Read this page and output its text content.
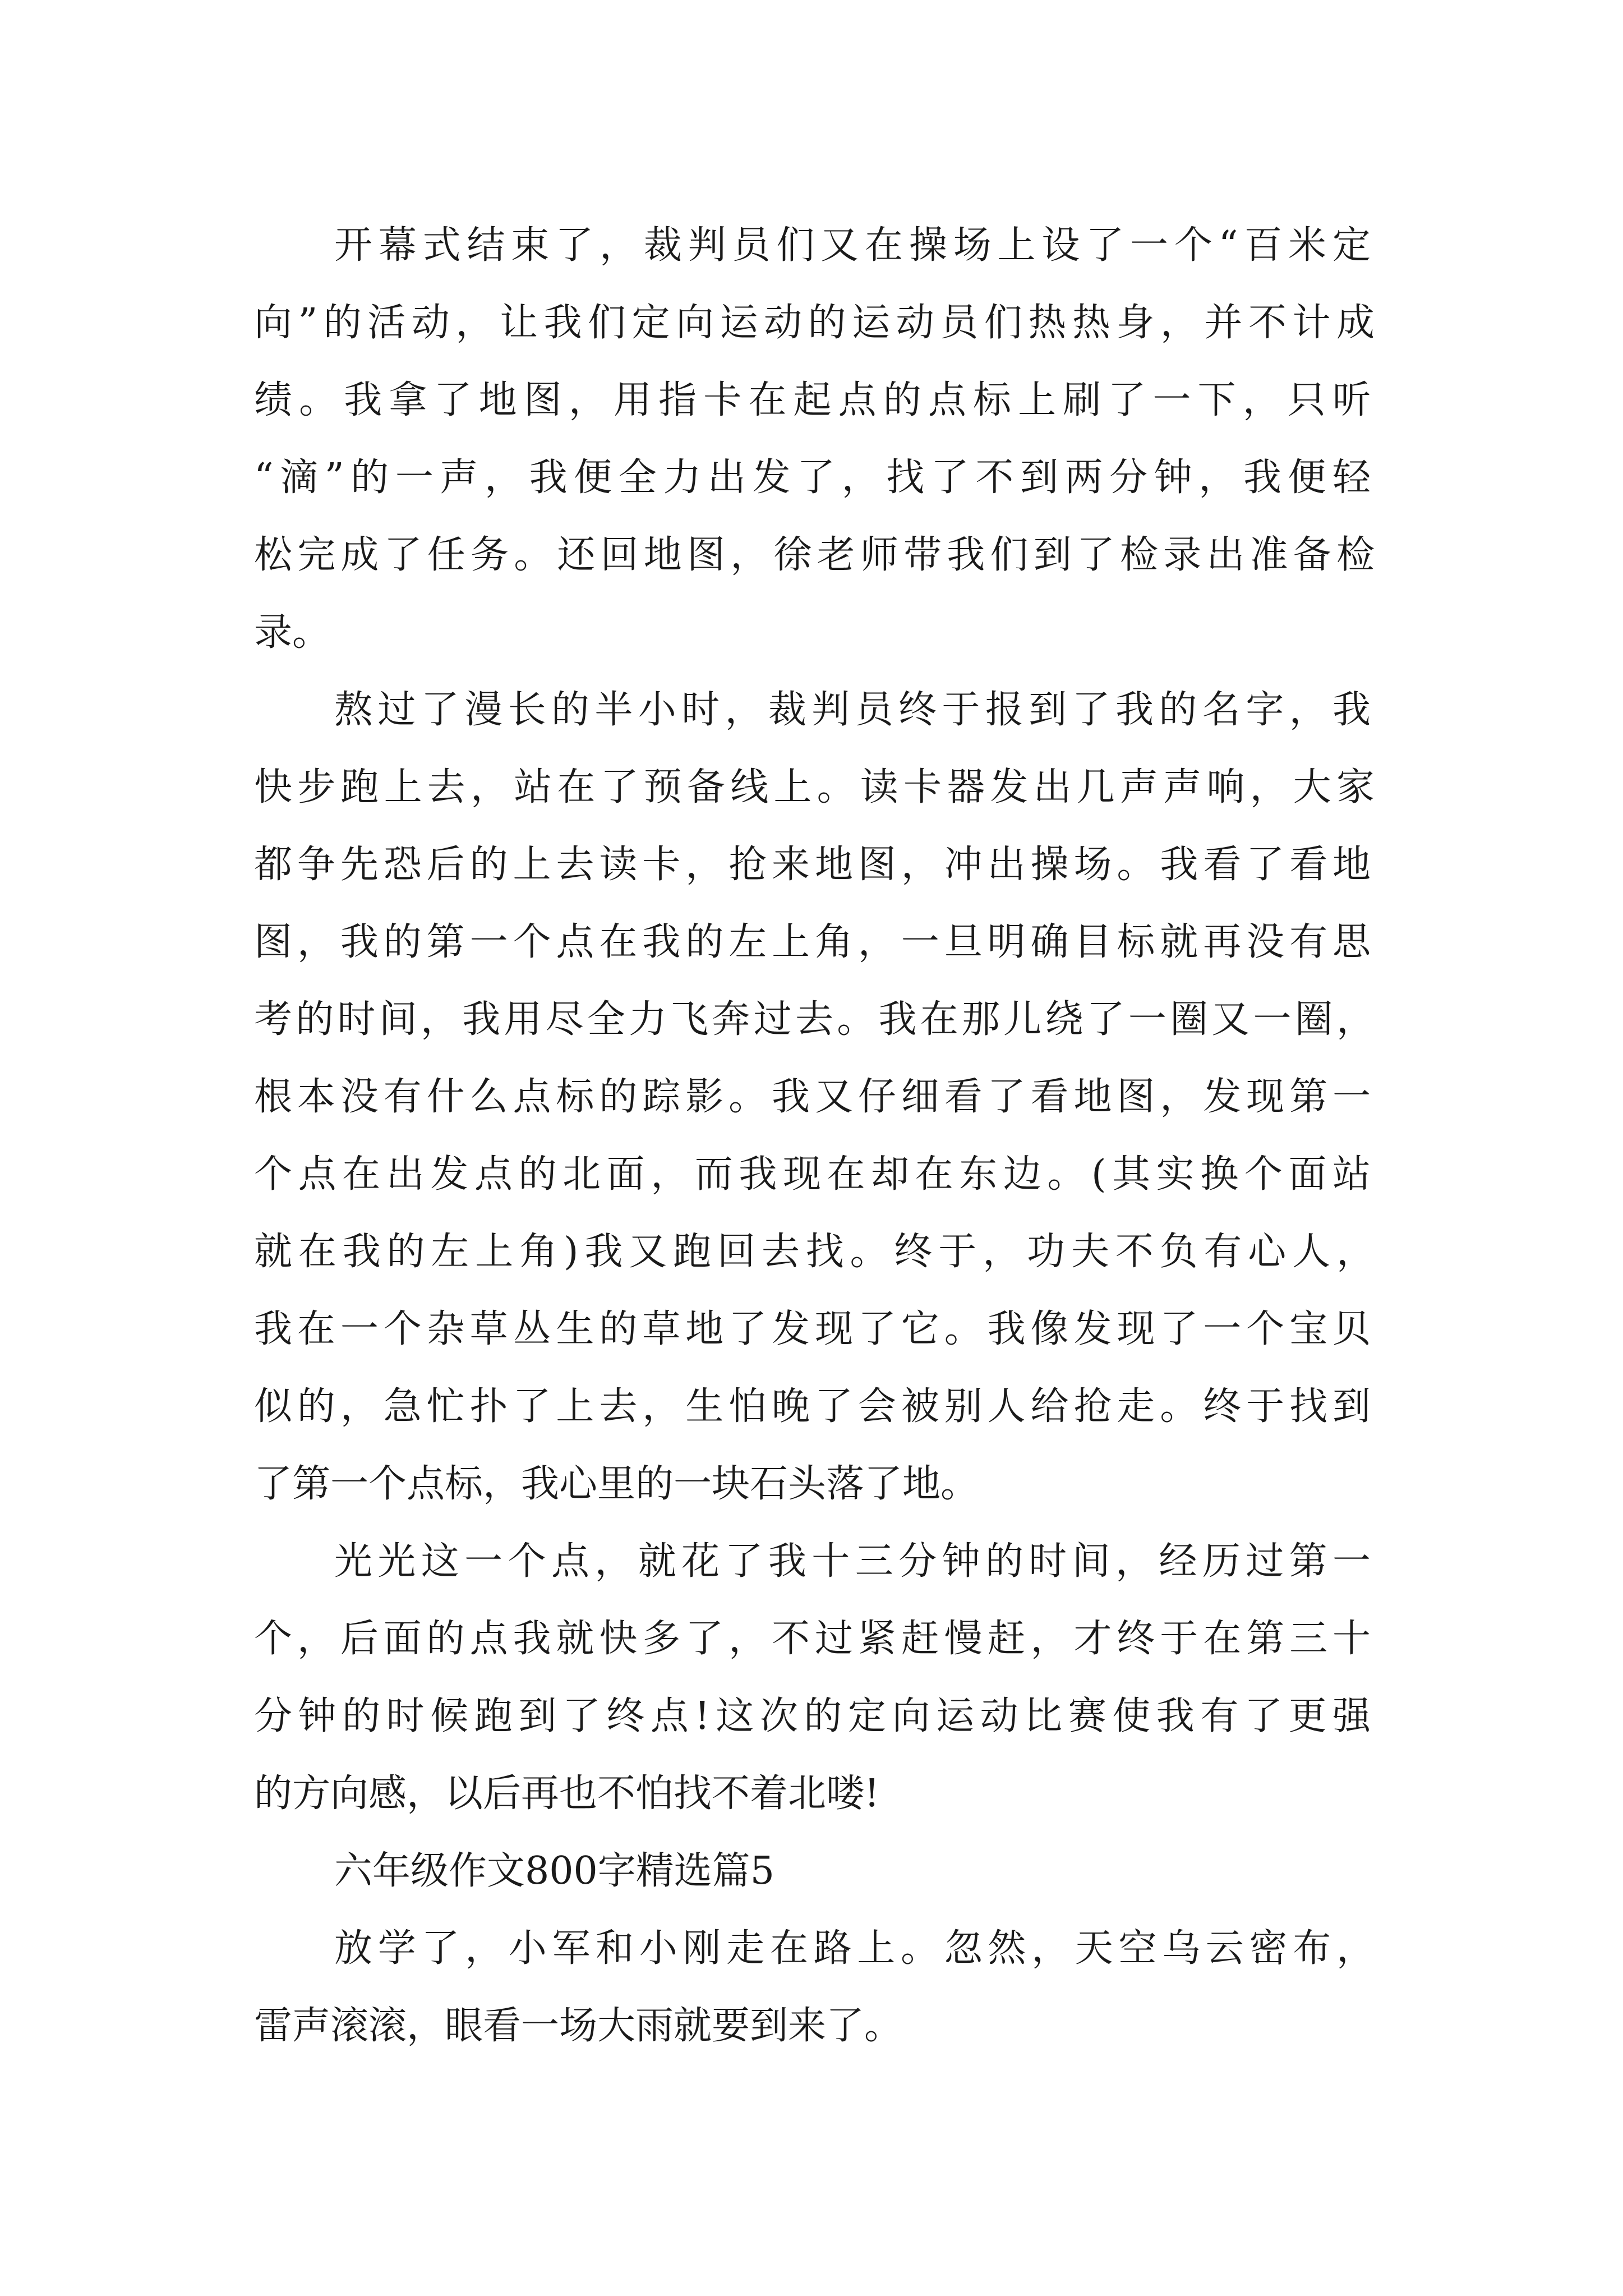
开幕式结束了，裁判员们又在操场上设了一个“百米定
向”的活动，让我们定向运动的运动员们热热身，并不计成
绩。我拿了地图，用指卡在起点的点标上刷了一下，只听
“滴”的一声，我便全力出发了，找了不到两分钟，我便轻
松完成了任务。还回地图，徐老师带我们到了检录出准备检
录。
熬过了漫长的半小时，裁判员终于报到了我的名字，我
快步跑上去，站在了预备线上。读卡器发出几声声响，大家
都争先恐后的上去读卡，抢来地图，冲出操场。我看了看地
图，我的第一个点在我的左上角，一旦明确目标就再没有思
考的时间，我用尽全力飞奔过去。我在那儿绕了一圈又一圈，
根本没有什么点标的踪影。我又仔细看了看地图，发现第一
个点在出发点的北面，而我现在却在东边。(其实换个面站
就在我的左上角)我又跑回去找。终于，功夫不负有心人，
我在一个杂草丛生的草地了发现了它。我像发现了一个宝贝
似的，急忙扑了上去，生怕晚了会被别人给抢走。终于找到
了第一个点标，我心里的一块石头落了地。
光光这一个点，就花了我十三分钟的时间，经历过第一
个，后面的点我就快多了，不过紧赶慢赶，才终于在第三十
分钟的时候跑到了终点!这次的定向运动比赛使我有了更强
的方向感，以后再也不怕找不着北喽!
六年级作文800字精选篇5
放学了，小军和小刚走在路上。忽然，天空乌云密布，
雷声滚滚，眼看一场大雨就要到来了。
